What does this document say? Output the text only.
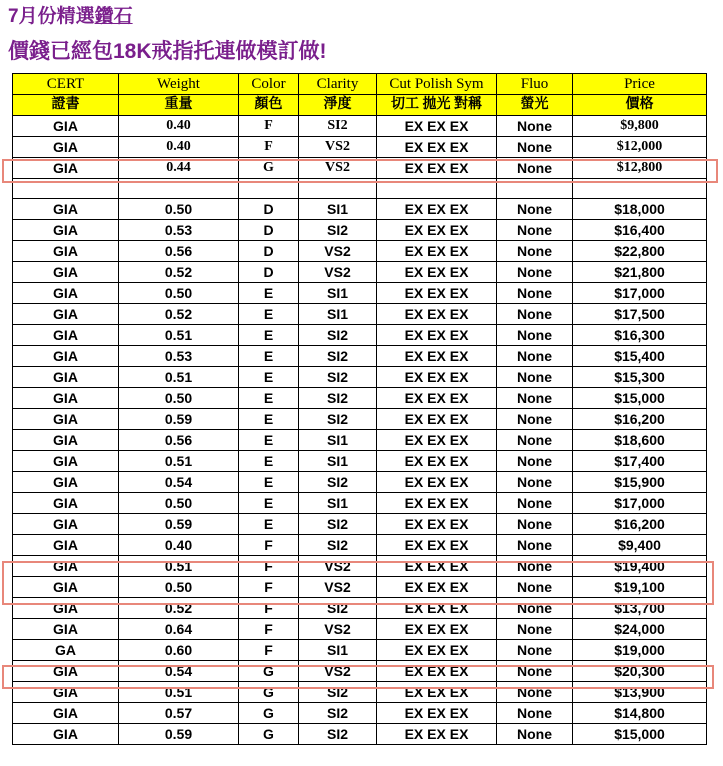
7月份精選鑽石
價錢已經包18K戒指托連做模訂做!
CERT	Weight	Color	Clarity	Cut Polish Sym	Fluo	Price
證書	重量	顏色	淨度	切工 拋光 對稱	螢光	價格
GIA	0.40	F	SI2	EX EX EX	None	$9,800
GIA	0.40	F	VS2	EX EX EX	None	$12,000
GIA	0.44	G	VS2	EX EX EX	None	$12,800

GIA	0.50	D	SI1	EX EX EX	None	$18,000
GIA	0.53	D	SI2	EX EX EX	None	$16,400
GIA	0.56	D	VS2	EX EX EX	None	$22,800
GIA	0.52	D	VS2	EX EX EX	None	$21,800
GIA	0.50	E	SI1	EX EX EX	None	$17,000
GIA	0.52	E	SI1	EX EX EX	None	$17,500
GIA	0.51	E	SI2	EX EX EX	None	$16,300
GIA	0.53	E	SI2	EX EX EX	None	$15,400
GIA	0.51	E	SI2	EX EX EX	None	$15,300
GIA	0.50	E	SI2	EX EX EX	None	$15,000
GIA	0.59	E	SI2	EX EX EX	None	$16,200
GIA	0.56	E	SI1	EX EX EX	None	$18,600
GIA	0.51	E	SI1	EX EX EX	None	$17,400
GIA	0.54	E	SI2	EX EX EX	None	$15,900
GIA	0.50	E	SI1	EX EX EX	None	$17,000
GIA	0.59	E	SI2	EX EX EX	None	$16,200
GIA	0.40	F	SI2	EX EX EX	None	$9,400
GIA	0.51	F	VS2	EX EX EX	None	$19,400
GIA	0.50	F	VS2	EX EX EX	None	$19,100
GIA	0.52	F	SI2	EX EX EX	None	$13,700
GIA	0.64	F	VS2	EX EX EX	None	$24,000
GA	0.60	F	SI1	EX EX EX	None	$19,000
GIA	0.54	G	VS2	EX EX EX	None	$20,300
GIA	0.51	G	SI2	EX EX EX	None	$13,900
GIA	0.57	G	SI2	EX EX EX	None	$14,800
GIA	0.59	G	SI2	EX EX EX	None	$15,000
